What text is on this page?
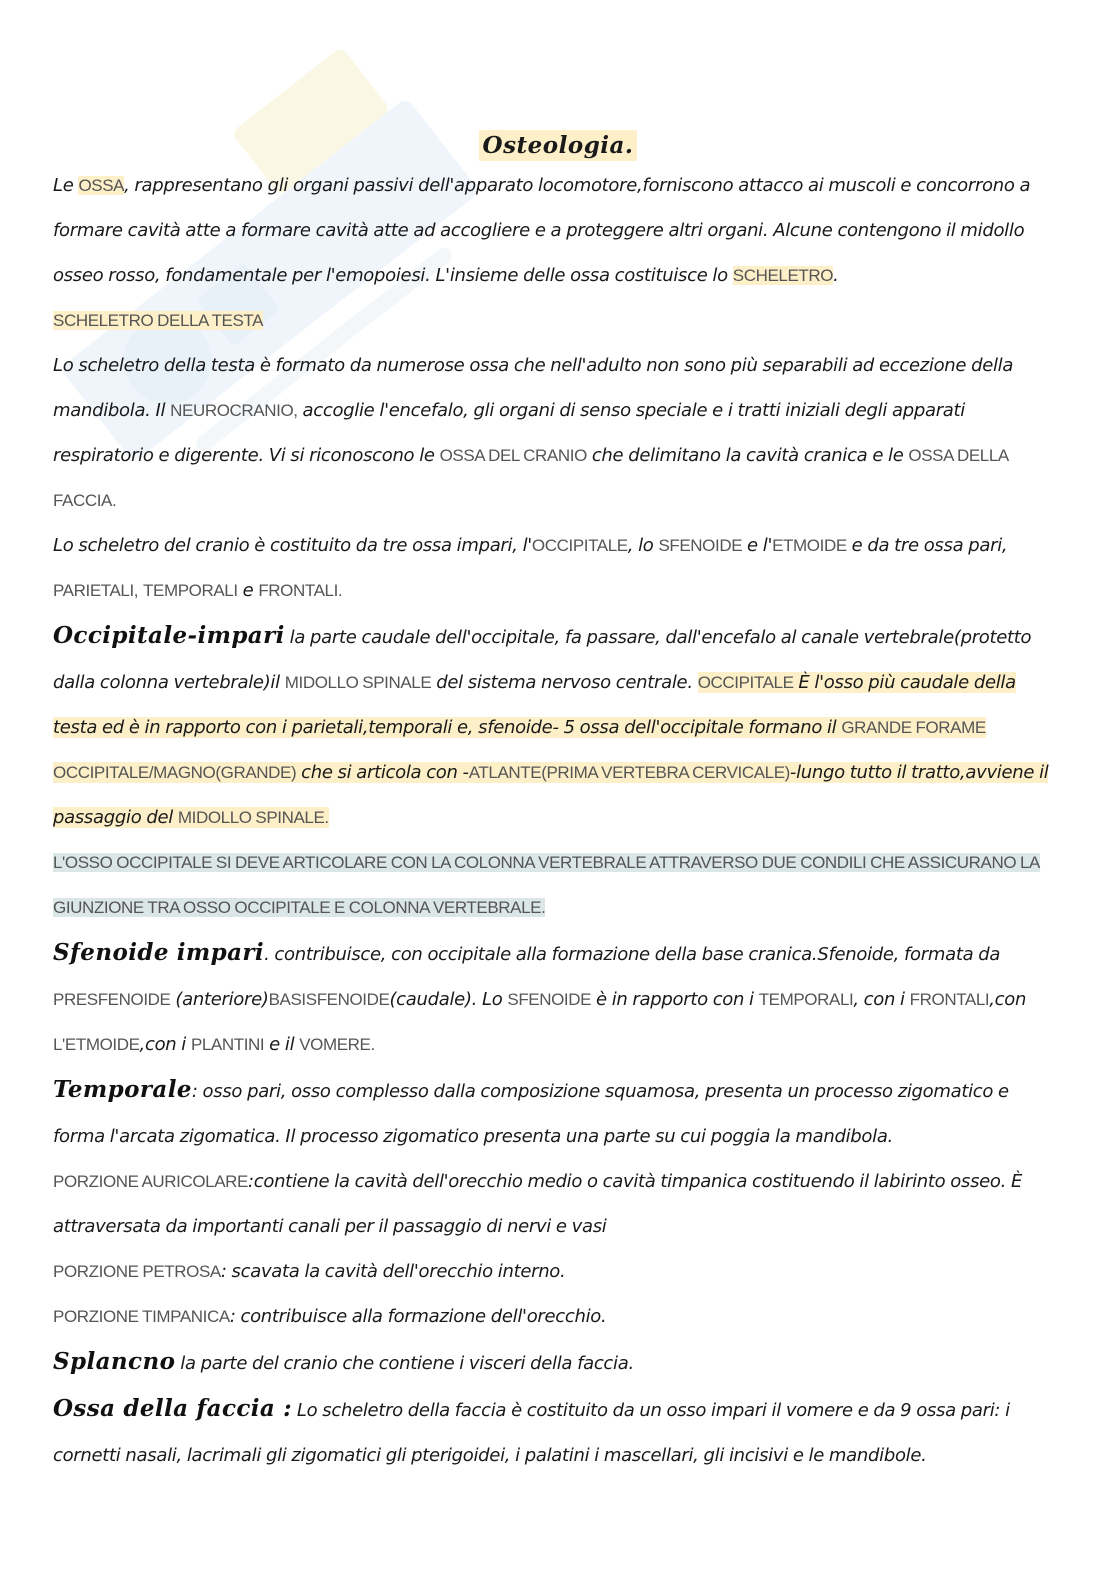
Osteologia.

Le OSSA, rappresentano gli organi passivi dell'apparato locomotore,forniscono attacco ai muscoli e concorrono a formare cavità atte a formare cavità atte ad accogliere e a proteggere altri organi. Alcune contengono il midollo osseo rosso, fondamentale per l'emopoiesi. L'insieme delle ossa costituisce lo SCHELETRO.

SCHELETRO DELLA TESTA

Lo scheletro della testa è formato da numerose ossa che nell'adulto non sono più separabili ad eccezione della mandibola. Il NEUROCRANIO, accoglie l'encefalo, gli organi di senso speciale e i tratti iniziali degli apparati respiratorio e digerente. Vi si riconoscono le OSSA DEL CRANIO che delimitano la cavità cranica e le OSSA DELLA FACCIA.

Lo scheletro del cranio è costituito da tre ossa impari, l'OCCIPITALE, lo SFENOIDE e l'ETMOIDE e da tre ossa pari, PARIETALI, TEMPORALI e FRONTALI.

Occipitale-impari la parte caudale dell'occipitale, fa passare, dall'encefalo al canale vertebrale(protetto dalla colonna vertebrale)il MIDOLLO SPINALE del sistema nervoso centrale. OCCIPITALE È l'osso più caudale della testa ed è in rapporto con i parietali,temporali e, sfenoide- 5 ossa dell'occipitale formano il GRANDE FORAME OCCIPITALE/MAGNO(GRANDE) che si articola con -ATLANTE(PRIMA VERTEBRA CERVICALE)-lungo tutto il tratto,avviene il passaggio del MIDOLLO SPINALE.

L'OSSO OCCIPITALE SI DEVE ARTICOLARE CON LA COLONNA VERTEBRALE ATTRAVERSO DUE CONDILI CHE ASSICURANO LA GIUNZIONE TRA OSSO OCCIPITALE E COLONNA VERTEBRALE.

Sfenoide impari. contribuisce, con occipitale alla formazione della base cranica.Sfenoide, formata da PRESFENOIDE (anteriore)BASISFENOIDE(caudale). Lo SFENOIDE è in rapporto con i TEMPORALI, con i FRONTALI,con L'ETMOIDE,con i PLANTINI e il VOMERE.

Temporale: osso pari, osso complesso dalla composizione squamosa, presenta un processo zigomatico e forma l'arcata zigomatica. Il processo zigomatico presenta una parte su cui poggia la mandibola.

PORZIONE AURICOLARE:contiene la cavità dell'orecchio medio o cavità timpanica costituendo il labirinto osseo. È attraversata da importanti canali per il passaggio di nervi e vasi

PORZIONE PETROSA: scavata la cavità dell'orecchio interno.

PORZIONE TIMPANICA: contribuisce alla formazione dell'orecchio.

Splancno la parte del cranio che contiene i visceri della faccia.

Ossa della faccia : Lo scheletro della faccia è costituito da un osso impari il vomere e da 9 ossa pari: i cornetti nasali, lacrimali gli zigomatici gli pterigoidei, i palatini i mascellari, gli incisivi e le mandibole.
